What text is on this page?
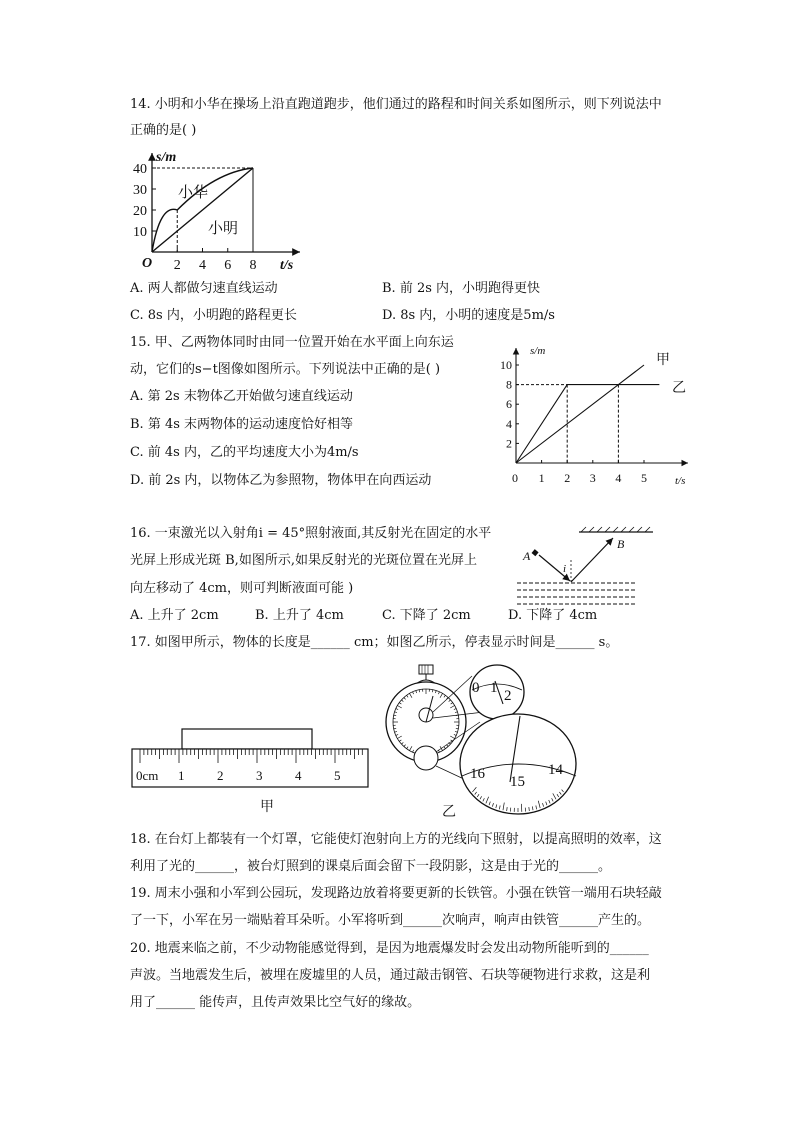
14. 小明和小华在操场上沿直跑道跑步，他们通过的路程和时间关系如图所示，则下列说法中
正确的是( )
s/m
t/s
O
10
20
30
40
2 4 6 8
小华
小明
A. 两人都做匀速直线运动	B. 前 2s 内，小明跑得更快
C. 8s 内，小明跑的路程更长	D. 8s 内，小明的速度是5m/s
15. 甲、乙两物体同时由同一位置开始在水平面上向东运
动，它们的s−t图像如图所示。下列说法中正确的是( )
A. 第 2s 末物体乙开始做匀速直线运动
B. 第 4s 末两物体的运动速度恰好相等
C. 前 4s 内，乙的平均速度大小为4m/s
D. 前 2s 内，以物体乙为参照物，物体甲在向西运动
s/m
t/s
0
2
4
6
8
10
1 2 3 4 5
甲
乙
16. 一束激光以入射角i = 45°照射液面,其反射光在固定的水平
光屏上形成光斑 B,如图所示,如果反射光的光斑位置在光屏上
向左移动了 4cm，则可判断液面可能 )
A
B
i
A. 上升了 2cm	B. 上升了 4cm	C. 下降了 2cm	D. 下降了 4cm
17. 如图甲所示，物体的长度是______ cm；如图乙所示，停表显示时间是______ s。
0cm 1	2	3	4	5
甲
0 1 2
16 15
14
乙
18. 在台灯上都装有一个灯罩，它能使灯泡射向上方的光线向下照射，以提高照明的效率，这
利用了光的______，被台灯照到的课桌后面会留下一段阴影，这是由于光的______。
19. 周末小强和小军到公园玩，发现路边放着将要更新的长铁管。小强在铁管一端用石块轻敲
了一下，小军在另一端贴着耳朵听。小军将听到______次响声，响声由铁管______产生的。
20. 地震来临之前，不少动物能感觉得到，是因为地震爆发时会发出动物所能听到的______
声波。当地震发生后，被埋在废墟里的人员，通过敲击钢管、石块等硬物进行求救，这是利
用了______ 能传声，且传声效果比空气好的缘故。
